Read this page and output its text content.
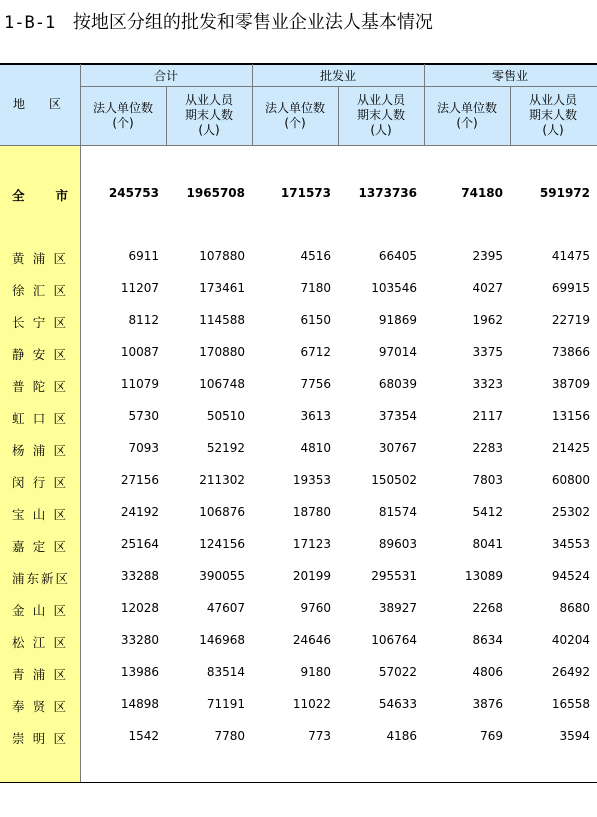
1-B-1 按地区分组的批发和零售业企业法人基本情况
地　区
合计	批发业	零售业
法人单位数
(个)
从业人员
期末人数
(人)
法人单位数
(个)
从业人员
期末人数
(人)
法人单位数
(个)
从业人员
期末人数
(人)
全
　 市	245753	1965708	171573	1373736	74180	591972
黄 浦 区	6911	107880	4516	66405	2395	41475
徐 汇 区	11207	173461	7180	103546	4027	69915
长 宁 区	8112	114588	6150	91869	1962	22719
静 安 区	10087	170880	6712	97014	3375	73866
普 陀 区	11079	106748	7756	68039	3323	38709
虹 口 区	5730	50510	3613	37354	2117	13156
杨 浦 区	7093	52192	4810	30767	2283	21425
闵 行 区	27156	211302	19353	150502	7803	60800
宝 山 区	24192	106876	18780	81574	5412	25302
嘉 定 区	25164	124156	17123	89603	8041	34553
浦 东 新 区	33288	390055	20199	295531	13089	94524
金 山 区	12028	47607	9760	38927	2268	8680
松 江 区	33280	146968	24646	106764	8634	40204
青 浦 区	13986	83514	9180	57022	4806	26492
奉 贤 区	14898	71191	11022	54633	3876	16558
崇 明 区	1542	7780	773	4186	769	3594
